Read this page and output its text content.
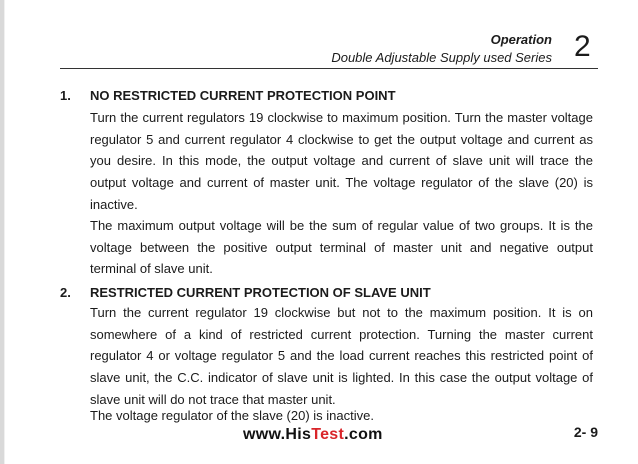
Operation
Double Adjustable Supply used Series 2
1. NO RESTRICTED CURRENT PROTECTION POINT

Turn the current regulators 19 clockwise to maximum position. Turn the master voltage regulator 5 and current regulator 4 clockwise to get the output voltage and current as you desire. In this mode, the output voltage and current of slave unit will trace the output voltage and current of master unit. The voltage regulator of the slave (20) is inactive.

The maximum output voltage will be the sum of regular value of two groups. It is the voltage between the positive output terminal of master unit and negative output terminal of slave unit.

2. RESTRICTED CURRENT PROTECTION OF SLAVE UNIT

Turn the current regulator 19 clockwise but not to the maximum position. It is on somewhere of a kind of restricted current protection. Turning the master current regulator 4 or voltage regulator 5 and the load current reaches this restricted point of slave unit, the C.C. indicator of slave unit is lighted. In this case the output voltage of slave unit will do not trace that master unit.

The voltage regulator of the slave (20) is inactive.

www.HisTest.com	2- 9
